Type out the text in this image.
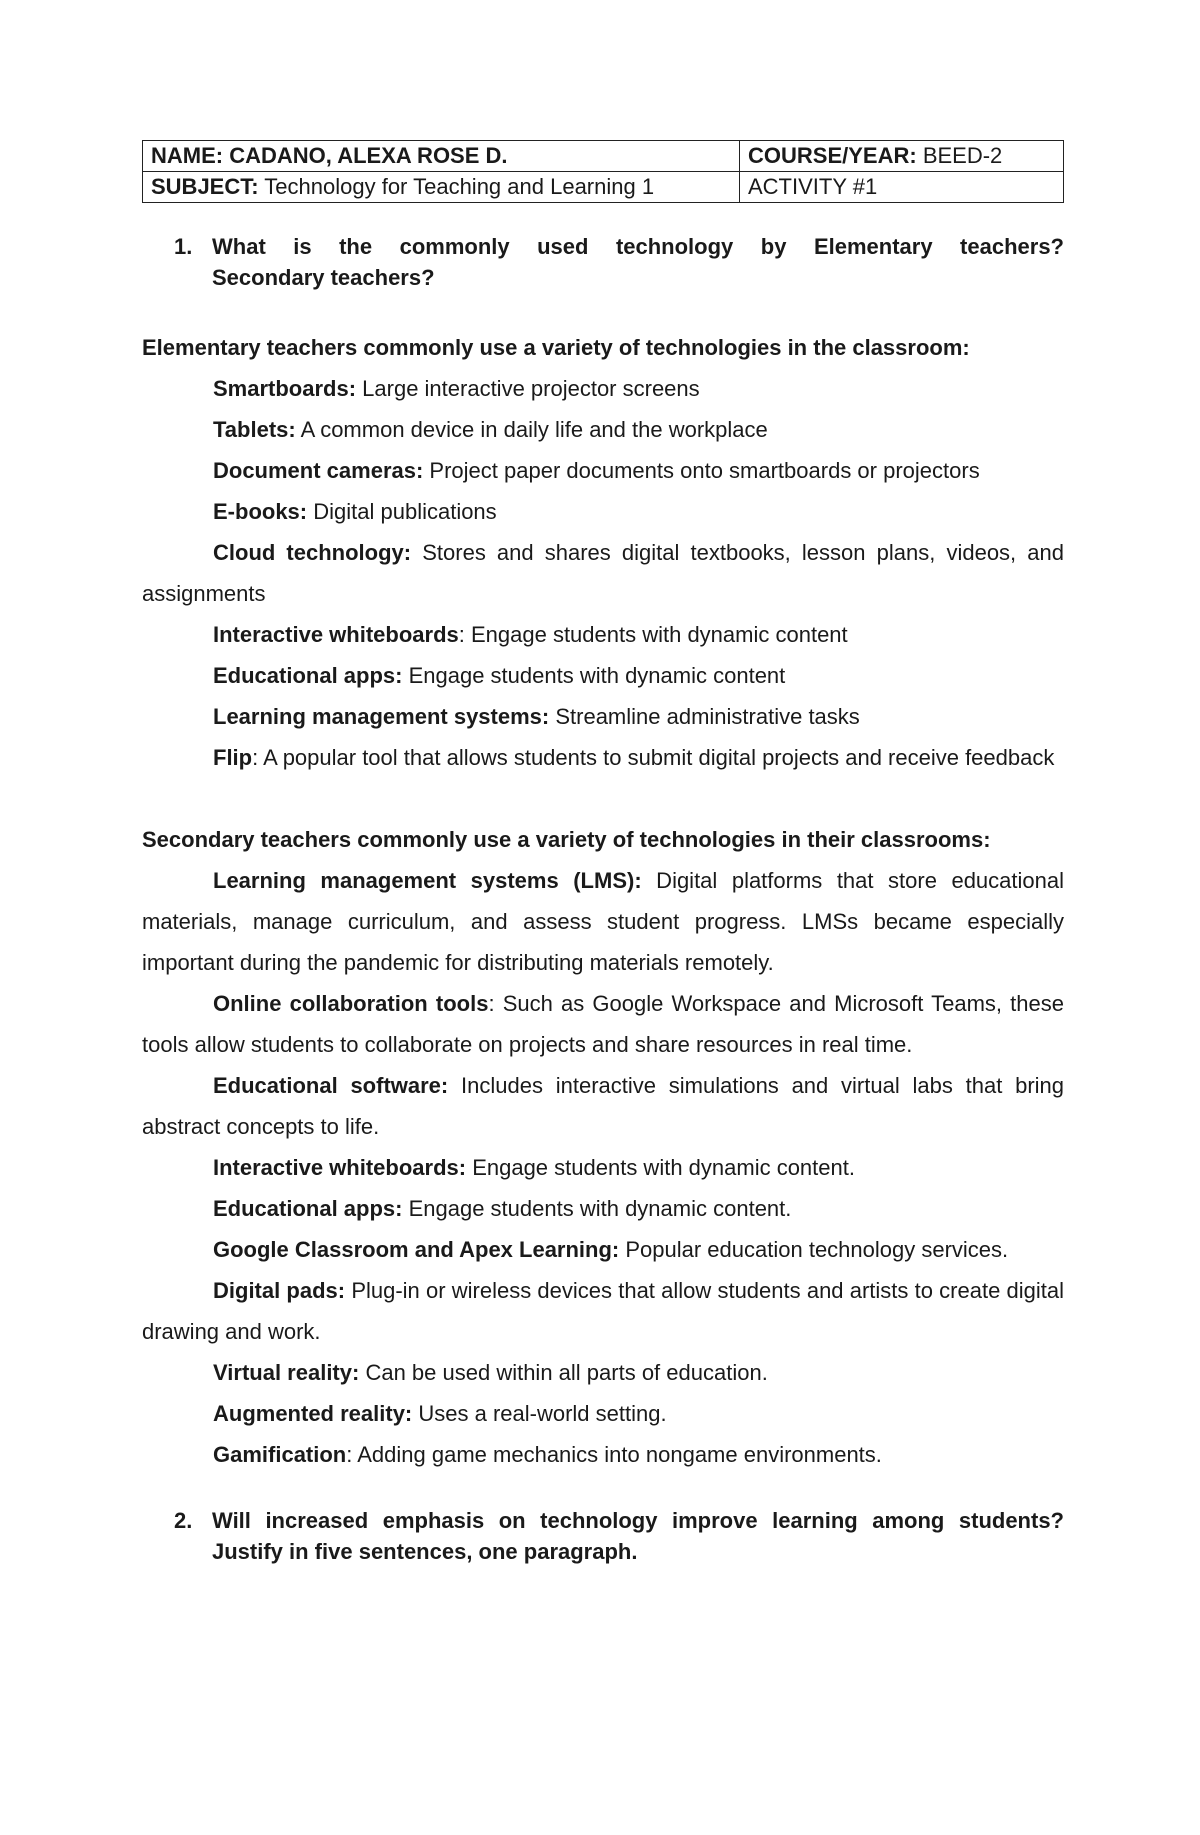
NAME: CADANO, ALEXA ROSE D.	COURSE/YEAR: BEED-2
SUBJECT: Technology for Teaching and Learning 1	ACTIVITY #1
1. What is the commonly used technology by Elementary teachers?
Secondary teachers?
Elementary teachers commonly use a variety of technologies in the classroom:
Smartboards: Large interactive projector screens
Tablets: A common device in daily life and the workplace
Document cameras: Project paper documents onto smartboards or projectors
E-books: Digital publications
Cloud technology: Stores and shares digital textbooks, lesson plans, videos, and assignments
Interactive whiteboards: Engage students with dynamic content
Educational apps: Engage students with dynamic content
Learning management systems: Streamline administrative tasks
Flip: A popular tool that allows students to submit digital projects and receive feedback
Secondary teachers commonly use a variety of technologies in their classrooms:
Learning management systems (LMS): Digital platforms that store educational materials, manage curriculum, and assess student progress. LMSs became especially important during the pandemic for distributing materials remotely.
Online collaboration tools: Such as Google Workspace and Microsoft Teams, these tools allow students to collaborate on projects and share resources in real time.
Educational software: Includes interactive simulations and virtual labs that bring abstract concepts to life.
Interactive whiteboards: Engage students with dynamic content.
Educational apps: Engage students with dynamic content.
Google Classroom and Apex Learning: Popular education technology services.
Digital pads: Plug-in or wireless devices that allow students and artists to create digital drawing and work.
Virtual reality: Can be used within all parts of education.
Augmented reality: Uses a real-world setting.
Gamification: Adding game mechanics into nongame environments.
2. Will increased emphasis on technology improve learning among students?
Justify in five sentences, one paragraph.
